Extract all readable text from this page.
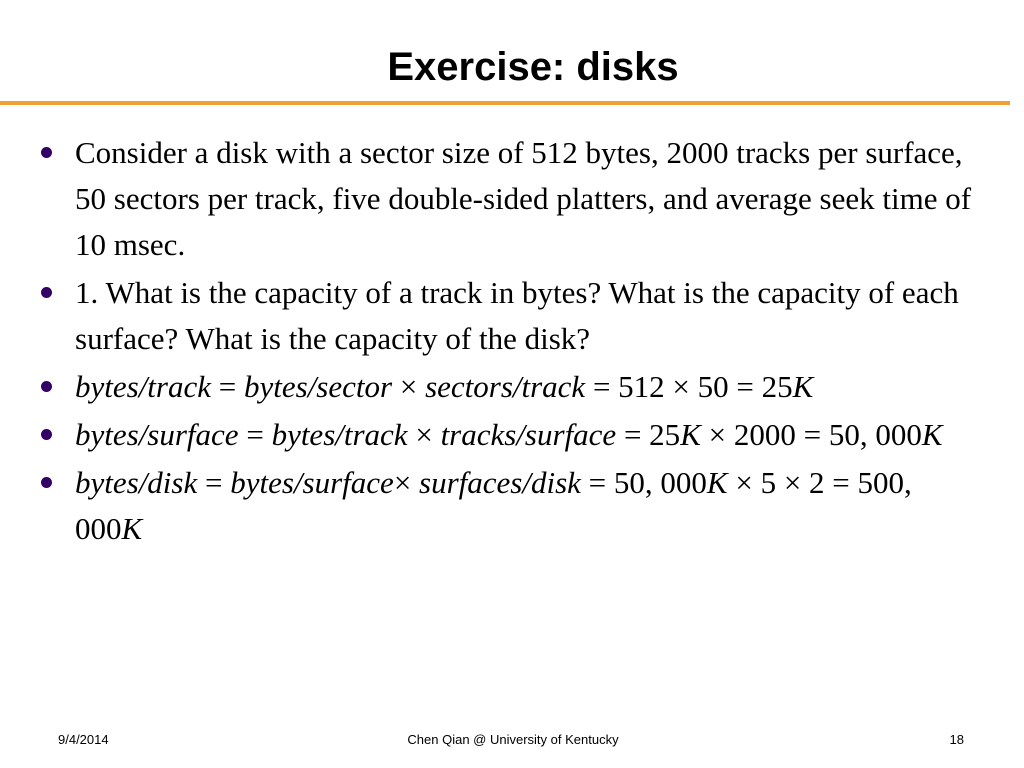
Exercise: disks
Consider a disk with a sector size of 512 bytes, 2000 tracks per surface, 50 sectors per track, five double-sided platters, and average seek time of 10 msec.
1. What is the capacity of a track in bytes? What is the capacity of each surface? What is the capacity of the disk?
bytes/track = bytes/sector × sectors/track = 512 × 50 = 25K
bytes/surface = bytes/track × tracks/surface = 25K × 2000 = 50, 000K
bytes/disk = bytes/surface× surfaces/disk = 50, 000K × 5 × 2 = 500, 000K
9/4/2014	Chen Qian @ University of Kentucky	18
